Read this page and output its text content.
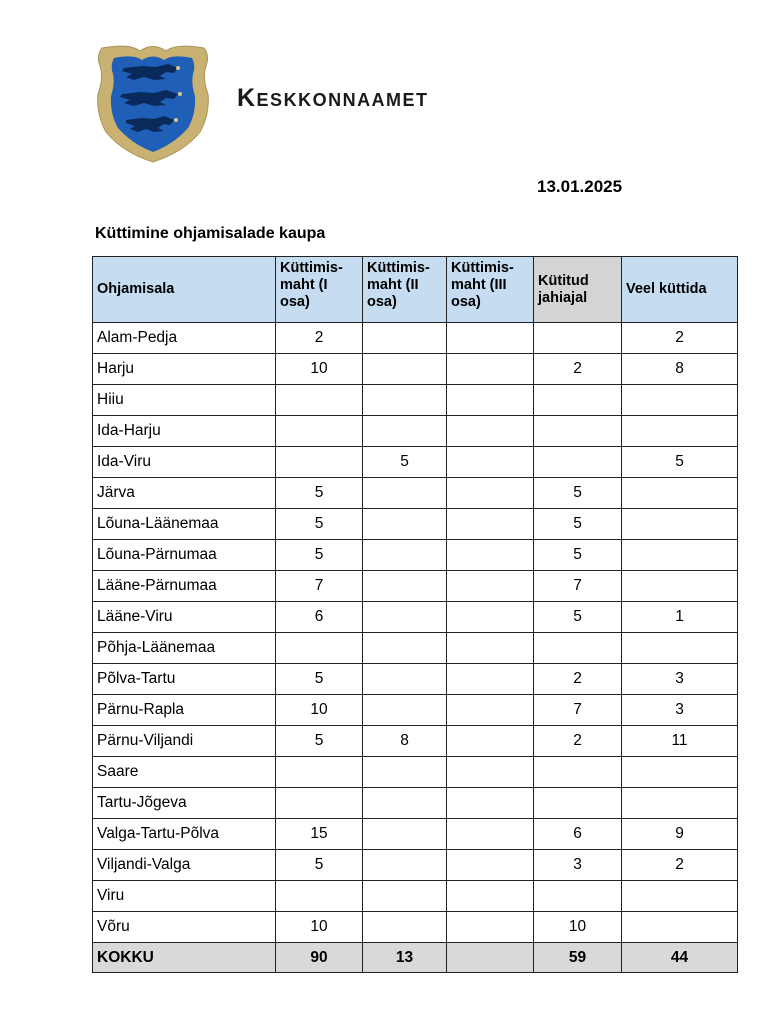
Keskkonnaamet
13.01.2025
Küttimine ohjamisalade kaupa
Ohjamisala	Küttimis-maht (I osa)	Küttimis-maht (II osa)	Küttimis-maht (III osa)	Kütitud jahiajal	Veel küttida
Alam-Pedja	2				2
Harju	10			2	8
Hiiu					
Ida-Harju					
Ida-Viru		5			5
Järva	5			5	
Lõuna-Läänemaa	5			5	
Lõuna-Pärnumaa	5			5	
Lääne-Pärnumaa	7			7	
Lääne-Viru	6			5	1
Põhja-Läänemaa					
Põlva-Tartu	5			2	3
Pärnu-Rapla	10			7	3
Pärnu-Viljandi	5	8		2	11
Saare					
Tartu-Jõgeva					
Valga-Tartu-Põlva	15			6	9
Viljandi-Valga	5			3	2
Viru					
Võru	10			10	
KOKKU	90	13		59	44
